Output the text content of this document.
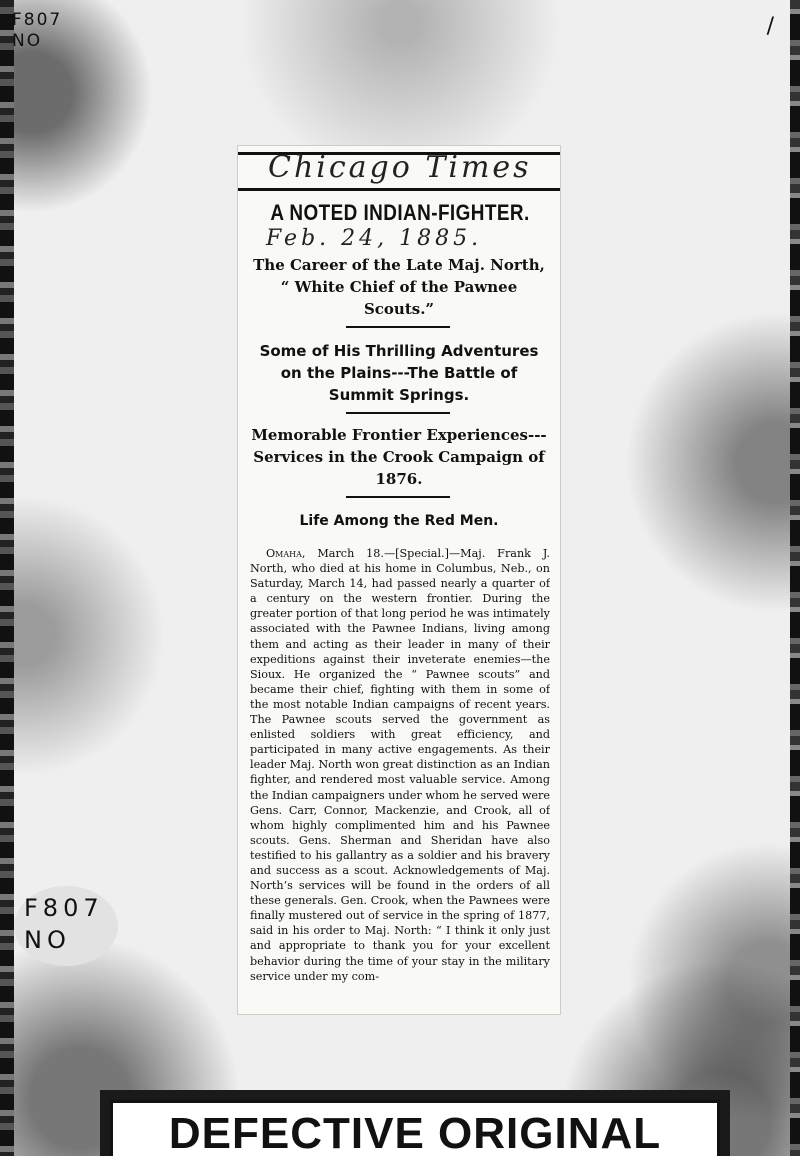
F807
NO
/
F807
NO
Chicago Times
A NOTED INDIAN-FIGHTER.
Feb. 24, 1885.
The Career of the Late Maj. North, “ White Chief of the Pawnee Scouts.”
Some of His Thrilling Adventures on the Plains---The Battle of Summit Springs.
Memorable Frontier Experiences--- Services in the Crook Campaign of 1876.
Life Among the Red Men.
Omaha, March 18.—[Special.]—Maj. Frank J. North, who died at his home in Columbus, Neb., on Saturday, March 14, had passed nearly a quarter of a century on the western frontier. During the greater portion of that long period he was intimately associated with the Pawnee Indians, living among them and acting as their leader in many of their expeditions against their inveterate enemies—the Sioux. He organized the “ Pawnee scouts” and became their chief, fighting with them in some of the most notable Indian campaigns of recent years. The Pawnee scouts served the government as enlisted soldiers with great efficiency, and participated in many active engagements. As their leader Maj. North won great distinction as an Indian fighter, and rendered most valuable service. Among the Indian campaigners under whom he served were Gens. Carr, Connor, Mackenzie, and Crook, all of whom highly complimented him and his Pawnee scouts. Gens. Sherman and Sheridan have also testified to his gallantry as a soldier and his bravery and success as a scout. Acknowledgements of Maj. North’s services will be found in the orders of all these generals. Gen. Crook, when the Pawnees were finally mustered out of service in the spring of 1877, said in his order to Maj. North: “ I think it only just and appropriate to thank you for your excellent behavior during the time of your stay in the military service under my com-
DEFECTIVE ORIGINAL
